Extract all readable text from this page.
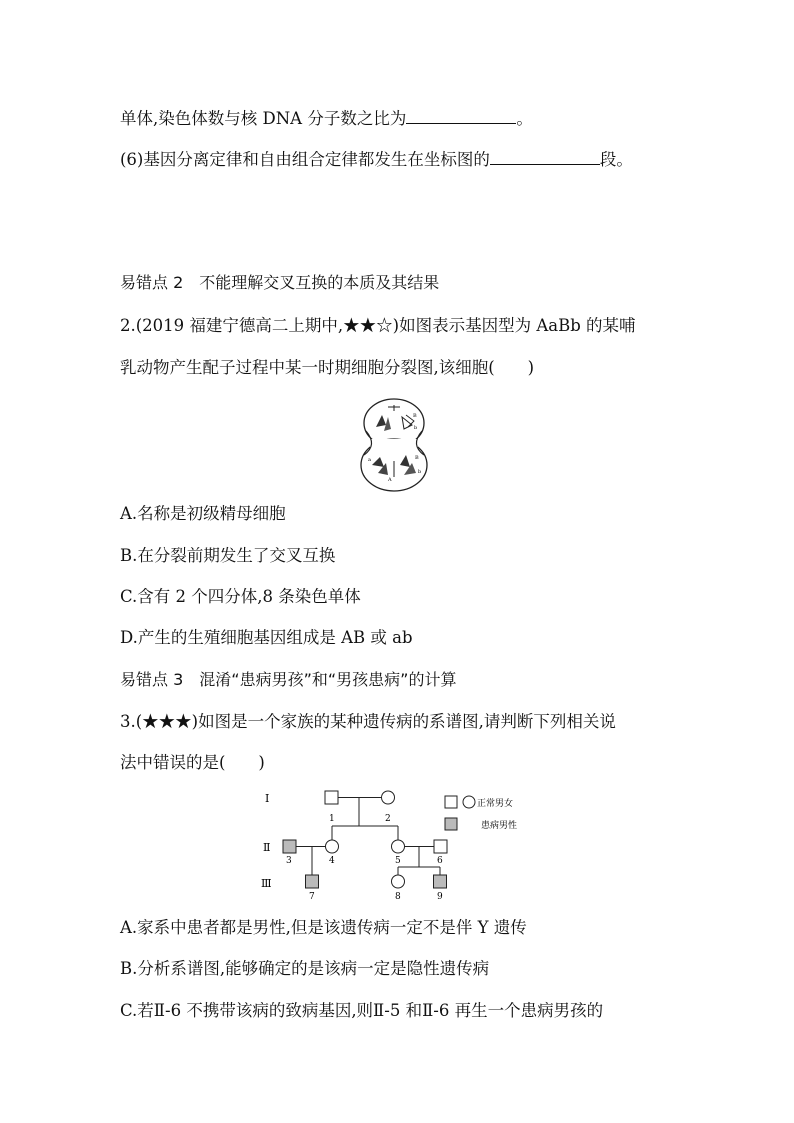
单体,染色体数与核 DNA 分子数之比为	。
(6)基因分离定律和自由组合定律都发生在坐标图的	段。
易错点 2 不能理解交叉互换的本质及其结果
2.(2019 福建宁德高二上期中,★★☆)如图表示基因型为 AaBb 的某哺
乳动物产生配子过程中某一时期细胞分裂图,该细胞(　　)
B
b
a
A
B
b
A.名称是初级精母细胞
B.在分裂前期发生了交叉互换
C.含有 2 个四分体,8 条染色单体
D.产生的生殖细胞基因组成是 AB 或 ab
易错点 3 混淆“患病男孩”和“男孩患病”的计算
3.(★★★)如图是一个家族的某种遗传病的系谱图,请判断下列相关说
法中错误的是(　　)
Ⅰ
Ⅱ
Ⅲ
1	2
3	4	5	6
7	8	9
正常男女
患病男性
A.家系中患者都是男性,但是该遗传病一定不是伴 Y 遗传
B.分析系谱图,能够确定的是该病一定是隐性遗传病
C.若Ⅱ-6 不携带该病的致病基因,则Ⅱ-5 和Ⅱ-6 再生一个患病男孩的
